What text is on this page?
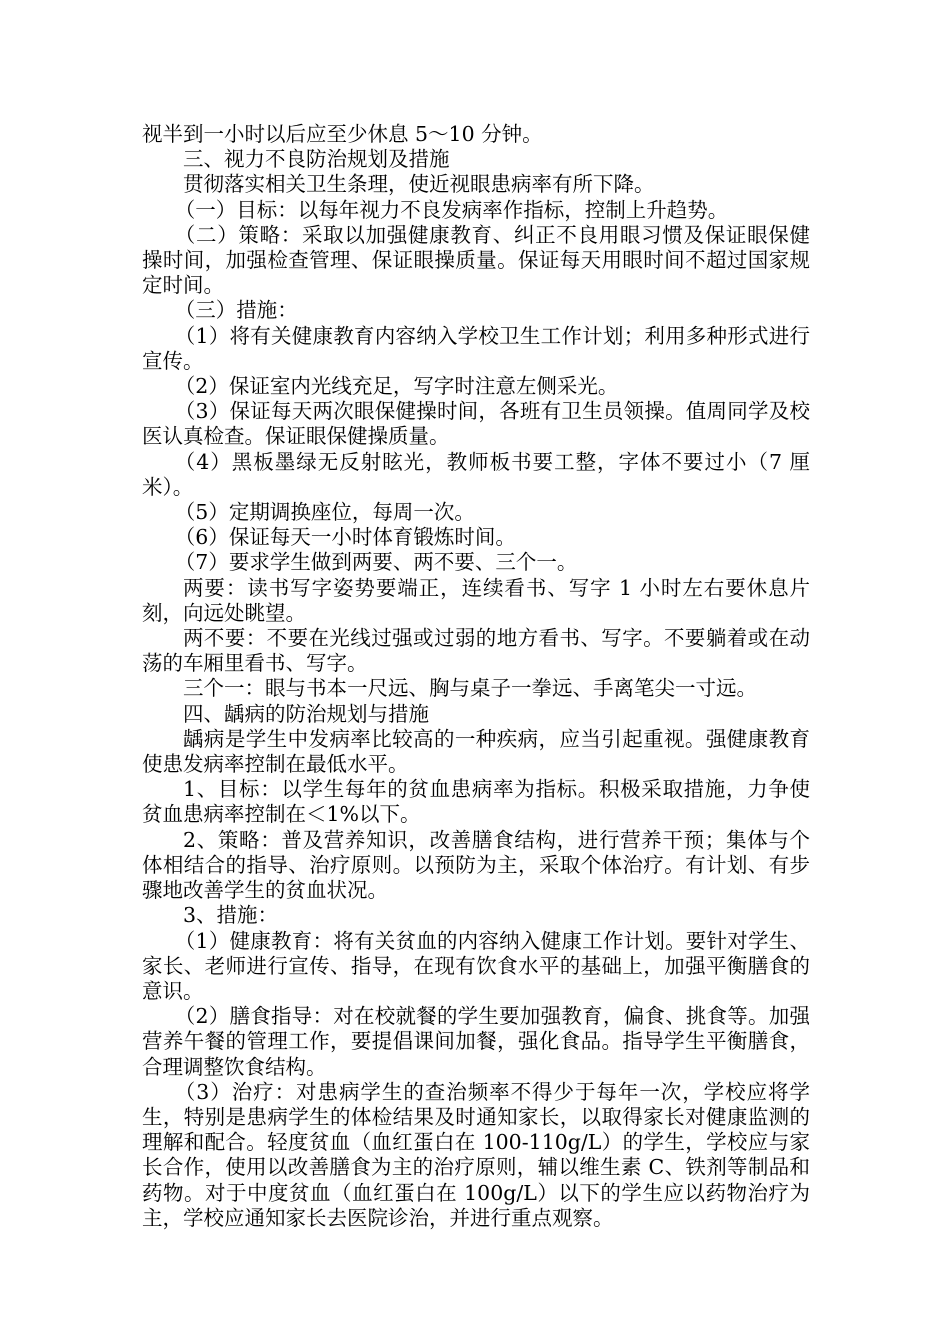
视半到一小时以后应至少休息 5～10 分钟。

三、视力不良防治规划及措施

贯彻落实相关卫生条理，使近视眼患病率有所下降。

（一）目标：以每年视力不良发病率作指标，控制上升趋势。

（二）策略：采取以加强健康教育、纠正不良用眼习惯及保证眼保健操时间，加强检查管理、保证眼操质量。保证每天用眼时间不超过国家规定时间。

（三）措施：

（1）将有关健康教育内容纳入学校卫生工作计划；利用多种形式进行宣传。

（2）保证室内光线充足，写字时注意左侧采光。

（3）保证每天两次眼保健操时间，各班有卫生员领操。值周同学及校医认真检查。保证眼保健操质量。

（4）黑板墨绿无反射眩光，教师板书要工整，字体不要过小（7 厘米）。

（5）定期调换座位，每周一次。

（6）保证每天一小时体育锻炼时间。

（7）要求学生做到两要、两不要、三个一。

两要：读书写字姿势要端正，连续看书、写字 1 小时左右要休息片刻，向远处眺望。

两不要：不要在光线过强或过弱的地方看书、写字。不要躺着或在动荡的车厢里看书、写字。

三个一：眼与书本一尺远、胸与桌子一拳远、手离笔尖一寸远。

四、龋病的防治规划与措施

龋病是学生中发病率比较高的一种疾病，应当引起重视。强健康教育使患发病率控制在最低水平。

1、目标：以学生每年的贫血患病率为指标。积极采取措施，力争使贫血患病率控制在＜1%以下。

2、策略：普及营养知识，改善膳食结构，进行营养干预；集体与个体相结合的指导、治疗原则。以预防为主，采取个体治疗。有计划、有步骤地改善学生的贫血状况。

3、措施：

（1）健康教育：将有关贫血的内容纳入健康工作计划。要针对学生、家长、老师进行宣传、指导，在现有饮食水平的基础上，加强平衡膳食的意识。

（2）膳食指导：对在校就餐的学生要加强教育，偏食、挑食等。加强营养午餐的管理工作，要提倡课间加餐，强化食品。指导学生平衡膳食，合理调整饮食结构。

（3）治疗：对患病学生的查治频率不得少于每年一次，学校应将学生，特别是患病学生的体检结果及时通知家长，以取得家长对健康监测的理解和配合。轻度贫血（血红蛋白在 100-110g/L）的学生，学校应与家长合作，使用以改善膳食为主的治疗原则，辅以维生素 C、铁剂等制品和药物。对于中度贫血（血红蛋白在 100g/L）以下的学生应以药物治疗为主，学校应通知家长去医院诊治，并进行重点观察。
